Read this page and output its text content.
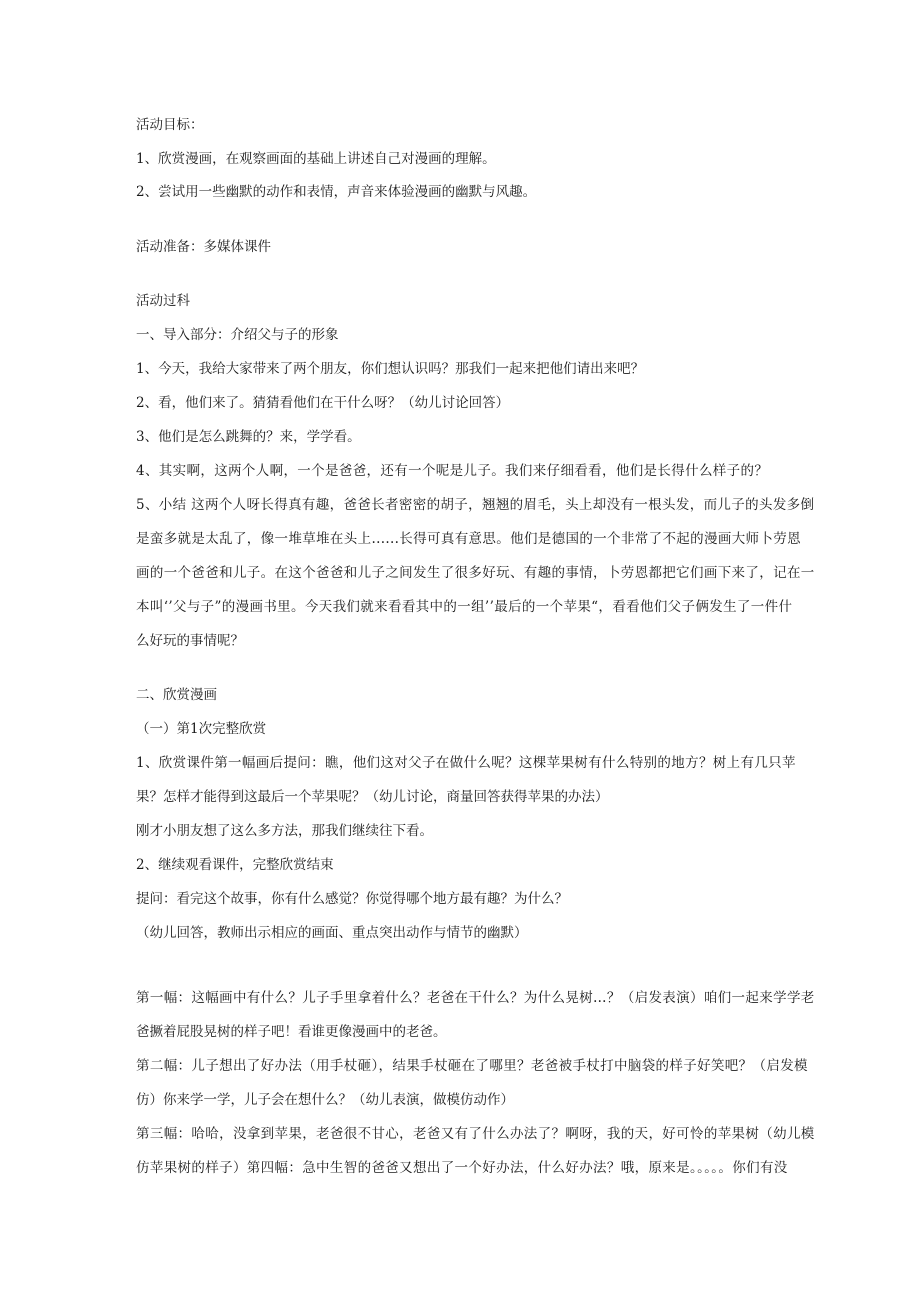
活动目标：
1、欣赏漫画，在观察画面的基础上讲述自己对漫画的理解。
2、尝试用一些幽默的动作和表情，声音来体验漫画的幽默与风趣。
活动准备：多媒体课件
活动过科
一、导入部分：介绍父与子的形象
1、今天，我给大家带来了两个朋友，你们想认识吗？那我们一起来把他们请出来吧？
2、看，他们来了。猜猜看他们在干什么呀？（幼儿讨论回答）
3、他们是怎么跳舞的？来，学学看。
4、其实啊，这两个人啊，一个是爸爸，还有一个呢是儿子。我们来仔细看看，他们是长得什么样子的？
5、小结 这两个人呀长得真有趣，爸爸长者密密的胡子，翘翘的眉毛，头上却没有一根头发，而儿子的头发多倒
是蛮多就是太乱了，像一堆草堆在头上......长得可真有意思。他们是德国的一个非常了不起的漫画大师卜劳恩
画的一个爸爸和儿子。在这个爸爸和儿子之间发生了很多好玩、有趣的事情，卜劳恩都把它们画下来了，记在一
本叫‘’父与子”的漫画书里。今天我们就来看看其中的一组’’最后的一个苹果“，看看他们父子俩发生了一件什
么好玩的事情呢？
二、欣赏漫画
（一）第1次完整欣赏
1、欣赏课件第一幅画后提问：瞧，他们这对父子在做什么呢？这棵苹果树有什么特别的地方？树上有几只苹
果？怎样才能得到这最后一个苹果呢？（幼儿讨论，商量回答获得苹果的办法）
刚才小朋友想了这么多方法，那我们继续往下看。
2、继续观看课件，完整欣赏结束
提问：看完这个故事，你有什么感觉？你觉得哪个地方最有趣？为什么？
（幼儿回答，教师出示相应的画面、重点突出动作与情节的幽默）
第一幅：这幅画中有什么？儿子手里拿着什么？老爸在干什么？为什么晃树…？（启发表演）咱们一起来学学老
爸撅着屁股晃树的样子吧！看谁更像漫画中的老爸。
第二幅：儿子想出了好办法（用手杖砸），结果手杖砸在了哪里？老爸被手杖打中脑袋的样子好笑吧？（启发模
仿）你来学一学，儿子会在想什么？（幼儿表演，做模仿动作）
第三幅：哈哈，没拿到苹果，老爸很不甘心，老爸又有了什么办法了？啊呀，我的天，好可怜的苹果树（幼儿模
仿苹果树的样子）第四幅：急中生智的爸爸又想出了一个好办法，什么好办法？哦，原来是。。。。。你们有没
